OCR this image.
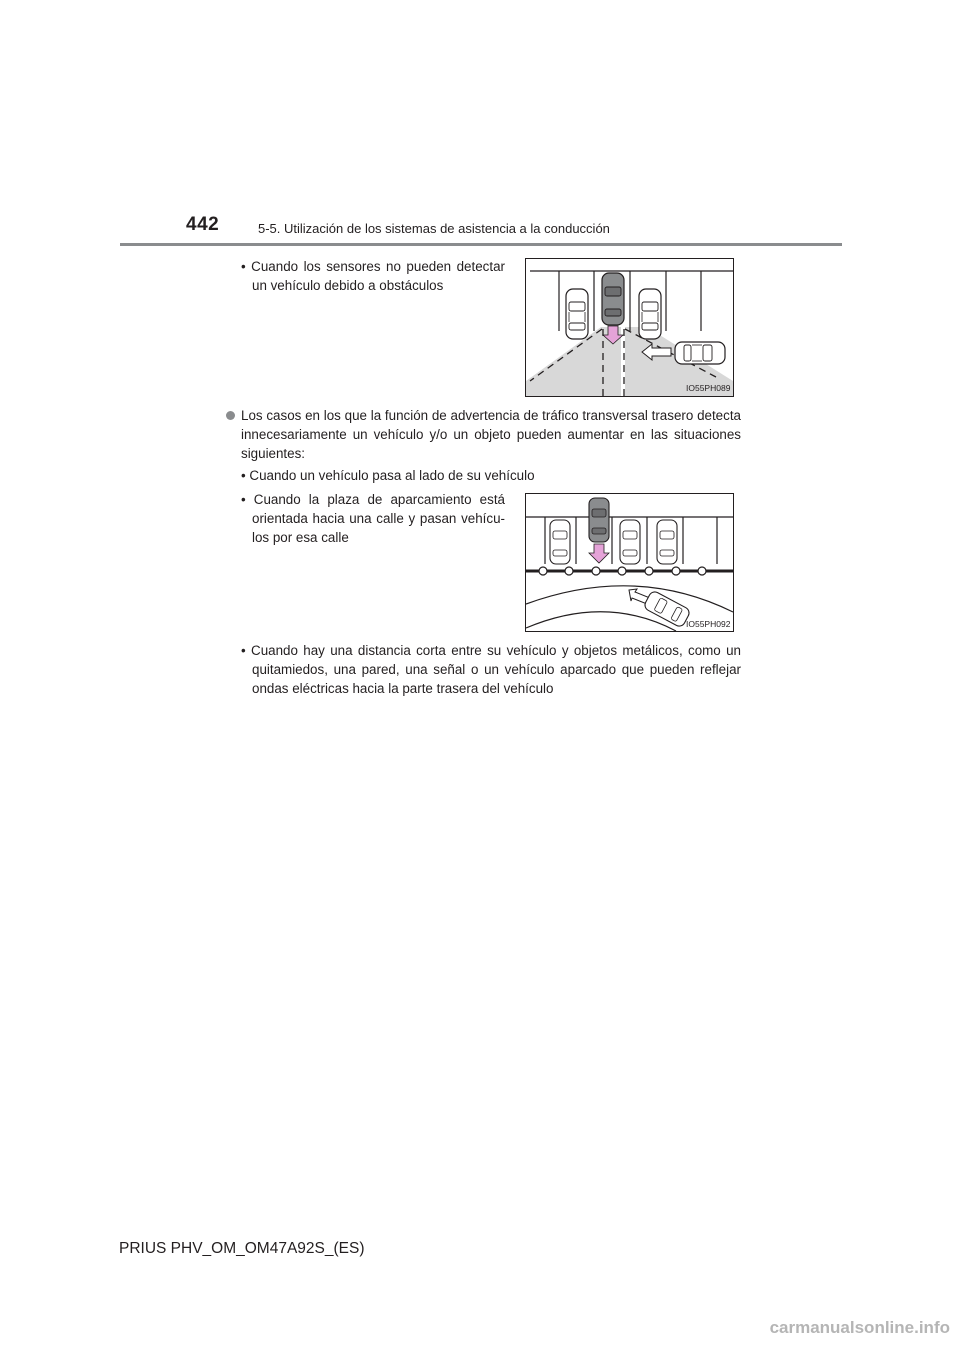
442	5-5. Utilización de los sistemas de asistencia a la conducción
• Cuando los sensores no pueden detectar
un vehículo debido a obstáculos
IO55PH089
Los casos en los que la función de advertencia de tráfico transversal trasero detecta
innecesariamente un vehículo y/o un objeto pueden aumentar en las situaciones
siguientes:
• Cuando un vehículo pasa al lado de su vehículo
• Cuando la plaza de aparcamiento está
orientada hacia una calle y pasan vehícu-
los por esa calle
IO55PH092
• Cuando hay una distancia corta entre su vehículo y objetos metálicos, como un
quitamiedos, una pared, una señal o un vehículo aparcado que pueden reflejar
ondas eléctricas hacia la parte trasera del vehículo
PRIUS PHV_OM_OM47A92S_(ES)
carmanualsonline.info
